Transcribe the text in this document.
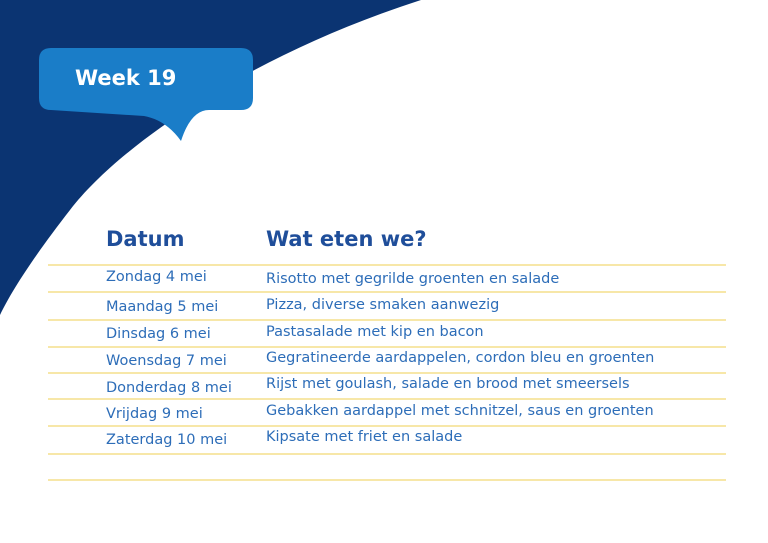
Week 19
Datum	Wat eten we?
Zondag 4 mei	Risotto met gegrilde groenten en salade
Maandag 5 mei	Pizza, diverse smaken aanwezig
Dinsdag 6 mei	Pastasalade met kip en bacon
Woensdag 7 mei	Gegratineerde aardappelen, cordon bleu en groenten
Donderdag 8 mei Rijst met goulash, salade en brood met smeersels
Vrijdag 9 mei	Gebakken aardappel met schnitzel, saus en groenten
Zaterdag 10 mei	Kipsate met friet en salade
